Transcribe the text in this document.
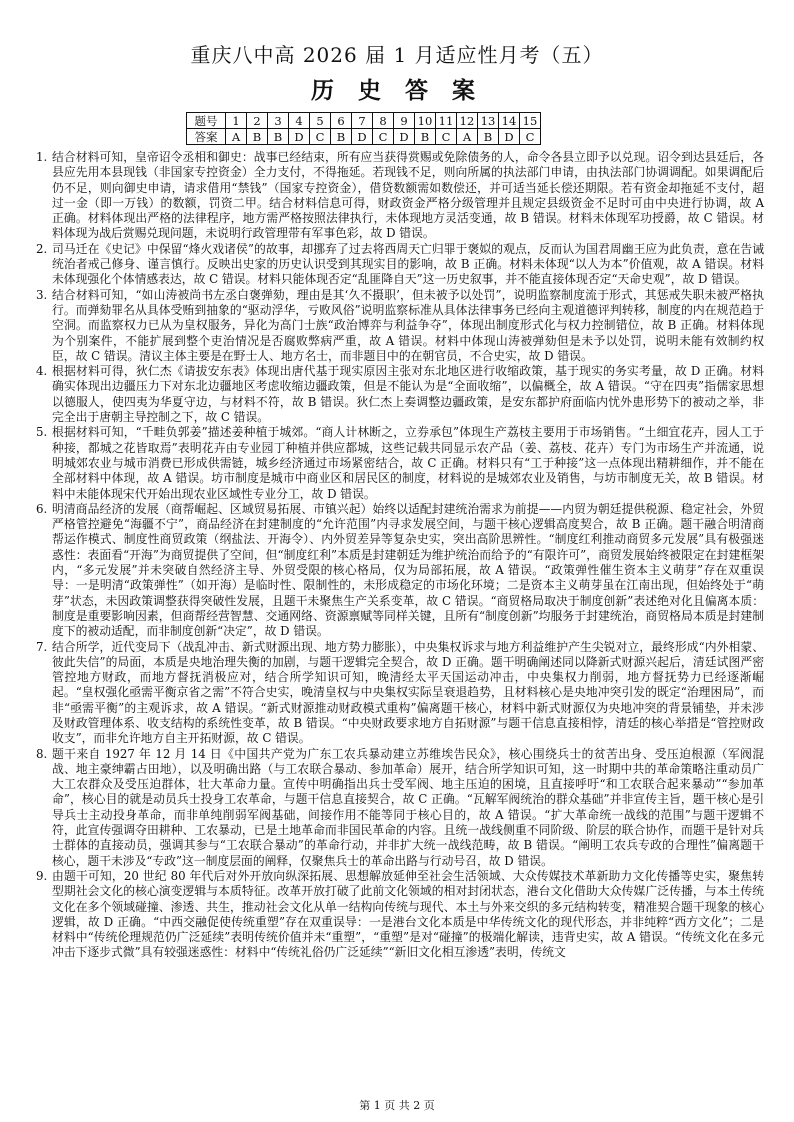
重庆八中高 2026 届 1 月适应性月考（五）
历 史 答 案
题号	1	2	3	4	5	6	7	8	9	10	11	12	13	14	15
答案	A	B	B	D	C	B	D	C	D	B	C	A	B	D	C

1. 结合材料可知，皇帝诏令丞相和御史：战事已经结束，所有应当获得赏赐或免除债务的人，命令各县立即予以兑现。诏令到达县廷后，各县应先用本县现钱（非国家专控资金）全力支付，不得拖延。若现钱不足，则向所属的执法部门申请，由执法部门协调调配。如果调配后仍不足，则向御史申请，请求借用“禁钱”（国家专控资金），借贷数额需如数偿还，并可适当延长偿还期限。若有资金却拖延不支付，超过一金（即一万钱）的数额，罚资二甲。结合材料信息可得，财政资金严格分级管理并且规定县级资金不足时可由中央进行协调，故 A 正确。材料体现出严格的法律程序，地方需严格按照法律执行，未体现地方灵活变通，故 B 错误。材料未体现军功授爵，故 C 错误。材料体现为战后赏赐兑现问题，未说明行政管理带有军事色彩，故 D 错误。

2. 司马迁在《史记》中保留“烽火戏诸侯”的故事，却挪弃了过去将西周天亡归罪于褒姒的观点，反而认为国君周幽王应为此负责，意在告诫统治者戒己修身、谨言慎行。反映出史家的历史认识受到其现实目的影响，故 B 正确。材料未体现“以人为本”价值观，故 A 错误。材料未体现强化个体情感表达，故 C 错误。材料只能体现否定“乱匪降自天”这一历史叙事，并不能直接体现否定“天命史观”，故 D 错误。

3. 结合材料可知，“如山涛被尚书左丞白褒弹劾，理由是其‘久不摄职’，但未被予以处罚”，说明监察制度流于形式，其惩戒失职未被严格执行。而弹劾罪名从具体受贿到抽象的“驱动浮华，亏败风俗”说明监察标准从具体法律事务已经向主观道德评判转移，制度的内在规范趋于空洞。而监察权力已从为皇权服务，异化为高门士族“政治博弈与利益争夺”，体现出制度形式化与权力控制错位，故 B 正确。材料体现为个别案件，不能扩展到整个吏治情况是否腐败弊病严重，故 A 错误。材料中体现山涛被弹劾但是未予以处罚，说明未能有效制约权臣，故 C 错误。清议主体主要是在野士人、地方名士，而非题目中的在朝官员，不合史实，故 D 错误。

4. 根据材料可得，狄仁杰《请拔安东表》体现出唐代基于现实原因主张对东北地区进行收缩政策，基于现实的务实考量，故 D 正确。材料确实体现出边疆压力下对东北边疆地区考虑收缩边疆政策，但是不能认为是“全面收缩”，以偏概全，故 A 错误。“守在四夷”指儒家思想以德服人，使四夷为华夏守边，与材料不符，故 B 错误。狄仁杰上奏调整边疆政策，是安东都护府面临内忧外患形势下的被动之举，非完全出于唐朝主导控制之下，故 C 错误。

5. 根据材料可知，“千畦负郭姜”描述姜种植于城郊。“商人计林断之，立券承包”体现生产荔枝主要用于市场销售。“土细宜花卉，园人工于种接，都城之花皆取焉”表明花卉由专业园丁种植并供应都城，这些记载共同显示农产品（姜、荔枝、花卉）专门为市场生产并流通，说明城郊农业与城市消费已形成供需链，城乡经济通过市场紧密结合，故 C 正确。材料只有“工于种接”这一点体现出精耕细作，并不能在全部材料中体现，故 A 错误。坊市制度是城市中商业区和居民区的制度，材料说的是城郊农业及销售，与坊市制度无关，故 B 错误。材料中未能体现宋代开始出现农业区域性专业分工，故 D 错误。

6. 明清商品经济的发展（商帮崛起、区域贸易拓展、市镇兴起）始终以适配封建统治需求为前提——内贸为朝廷提供税源、稳定社会，外贸严格管控避免“海疆不宁”，商品经济在封建制度的“允许范围”内寻求发展空间，与题干核心逻辑高度契合，故 B 正确。题干融合明清商帮运作模式、制度性商贸政策（纲盐法、开海令）、内外贸差异等复杂史实，突出高阶思辨性。“制度红利推动商贸多元发展”具有极强迷惑性：表面看“开海”为商贸提供了空间，但“制度红利”本质是封建朝廷为维护统治而给予的“有限许可”，商贸发展始终被限定在封建框架内，“多元发展”并未突破自然经济主导、外贸受限的核心格局，仅为局部拓展，故 A 错误。“政策弹性催生资本主义萌芽”存在双重误导：一是明清“政策弹性”（如开海）是临时性、限制性的，未形成稳定的市场化环境；二是资本主义萌芽虽在江南出现，但始终处于“萌芽”状态，未因政策调整获得突破性发展，且题干未聚焦生产关系变革，故 C 错误。“商贸格局取决于制度创新”表述绝对化且偏离本质：制度是重要影响因素，但商帮经营智慧、交通网络、资源禀赋等同样关键，且所有“制度创新”均服务于封建统治，商贸格局本质是封建制度下的被动适配，而非制度创新“决定”，故 D 错误。

7. 结合所学，近代变局下（战乱冲击、新式财源出现、地方势力膨胀），中央集权诉求与地方利益维护产生尖锐对立，最终形成“内外相蒙、彼此失信”的局面，本质是央地治理失衡的加剧，与题干逻辑完全契合，故 D 正确。题干明确阐述同以降新式财源兴起后，清廷试图严密管控地方财政，而地方督抚消极应对，结合所学知识可知，晚清经太平天国运动冲击，中央集权力削弱，地方督抚势力已经逐渐崛起。“皇权强化亟需平衡京省之需”不符合史实，晚清皇权与中央集权实际呈衰退趋势，且材料核心是央地冲突引发的既定“治理困局”，而非“亟需平衡”的主观诉求，故 A 错误。“新式财源推动财政模式重构”偏离题干核心，材料中新式财源仅为央地冲突的背景铺垫，并未涉及财政管理体系、收支结构的系统性变革，故 B 错误。“中央财政要求地方自拓财源”与题干信息直接相悖，清廷的核心举措是“管控财政收支”，而非允许地方自主开拓财源，故 C 错误。

8. 题干来自 1927 年 12 月 14 日《中国共产党为广东工农兵暴动建立苏维埃告民众》，核心围绕兵士的贫苦出身、受压迫根源（军阀混战、地主豪绅霸占田地），以及明确出路（与工农联合暴动、参加革命）展开，结合所学知识可知，这一时期中共的革命策略注重动员广大工农群众及受压迫群体，壮大革命力量。宣传中明确指出兵士受军阀、地主压迫的困境，且直接呼吁“和工农联合起来暴动”“参加革命”，核心目的就是动员兵士投身工农革命，与题干信息直接契合，故 C 正确。“瓦解军阀统治的群众基础”并非宣传主旨，题干核心是引导兵士主动投身革命，而非单纯削弱军阀基础，间接作用不能等同于核心目的，故 A 错误。“扩大革命统一战线的范围”与题干逻辑不符，此宣传强调夺田耕种、工农暴动，已是土地革命而非国民革命的内容。且统一战线侧重不同阶级、阶层的联合协作，而题干是针对兵士群体的直接动员，强调其参与“工农联合暴动”的革命行动，并非扩大统一战线范畴，故 B 错误。“阐明工农兵专政的合理性”偏离题干核心，题干未涉及“专政”这一制度层面的阐释，仅聚焦兵士的革命出路与行动号召，故 D 错误。

9. 由题干可知，20 世纪 80 年代后对外开放向纵深拓展、思想解放延伸至社会生活领域、大众传媒技术革新助力文化传播等史实，聚焦转型期社会文化的核心演变逻辑与本质特征。改革开放打破了此前文化领域的相对封闭状态，港台文化借助大众传媒广泛传播，与本土传统文化在多个领域碰撞、渗透、共生，推动社会文化从单一结构向传统与现代、本土与外来交织的多元结构转变，精准契合题干现象的核心逻辑，故 D 正确。“中西交融促使传统重塑”存在双重误导：一是港台文化本质是中华传统文化的现代形态，并非纯粹“西方文化”；二是材料中“传统伦理规范仍广泛延续”表明传统价值并未“重塑”，“重塑”是对“碰撞”的极端化解读，违背史实，故 A 错误。“传统文化在多元冲击下逐步式微”具有较强迷惑性：材料中“传统礼俗仍广泛延续”“新旧文化相互渗透”表明，传统文

第 1 页 共 2 页
